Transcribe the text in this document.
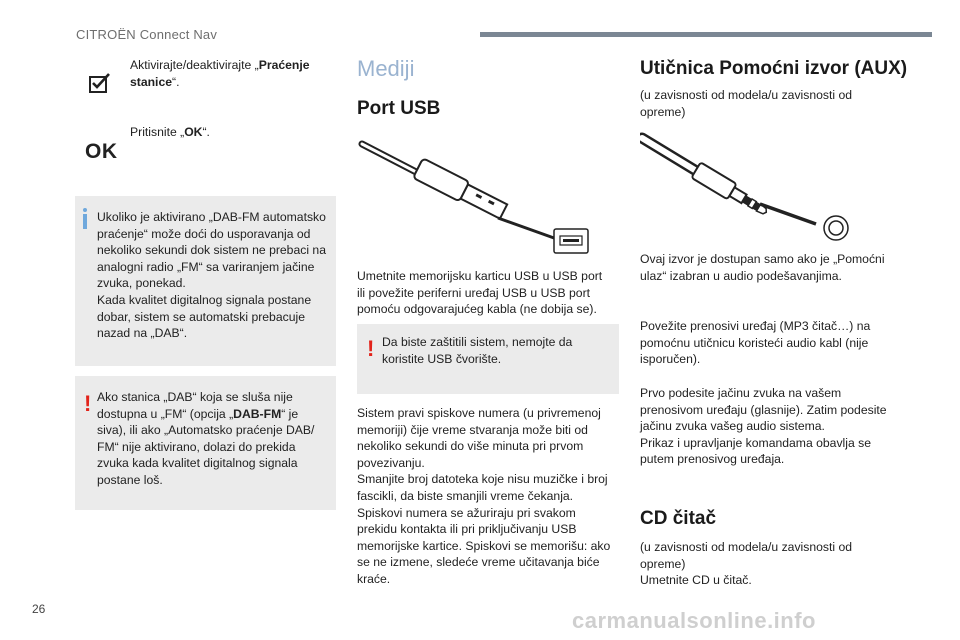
CITROËN Connect Nav
26	carmanualsonline.info
Aktivirajte/deaktivirajte „Praćenje
stanice“.
OK
Pritisnite „OK“.
Ukoliko je aktivirano „DAB-FM automatsko
praćenje“ može doći do usporavanja od
nekoliko sekundi dok sistem ne prebaci na
analogni radio „FM“ sa variranjem jačine
zvuka, ponekad.
Kada kvalitet digitalnog signala postane
dobar, sistem se automatski prebacuje
nazad na „DAB“.
! Ako stanica „DAB“ koja se sluša nije
dostupna u „FM“ (opcija „DAB-FM“ je
siva), ili ako „Automatsko praćenje DAB/
FM“ nije aktivirano, dolazi do prekida
zvuka kada kvalitet digitalnog signala
postane loš.
Mediji
Port USB
Umetnite memorijsku karticu USB u USB port
ili povežite periferni uređaj USB u USB port
pomoću odgovarajućeg kabla (ne dobija se).
! Da biste zaštitili sistem, nemojte da
koristite USB čvorište.
Sistem pravi spiskove numera (u privremenoj
memoriji) čije vreme stvaranja može biti od
nekoliko sekundi do više minuta pri prvom
povezivanju.
Smanjite broj datoteka koje nisu muzičke i broj
fascikli, da biste smanjili vreme čekanja.
Spiskovi numera se ažuriraju pri svakom
prekidu kontakta ili pri priključivanju USB
memorijske kartice. Spiskovi se memorišu: ako
se ne izmene, sledeće vreme učitavanja biće
kraće.
Utičnica Pomoćni izvor (AUX)
(u zavisnosti od modela/u zavisnosti od
opreme)
Ovaj izvor je dostupan samo ako je „Pomoćni
ulaz“ izabran u audio podešavanjima.
Povežite prenosivi uređaj (MP3 čitač…) na
pomoćnu utičnicu koristeći audio kabl (nije
isporučen).
Prvo podesite jačinu zvuka na vašem
prenosivom uređaju (glasnije). Zatim podesite
jačinu zvuka vašeg audio sistema.
Prikaz i upravljanje komandama obavlja se
putem prenosivog uređaja.
CD čitač
(u zavisnosti od modela/u zavisnosti od
opreme)
Umetnite CD u čitač.
